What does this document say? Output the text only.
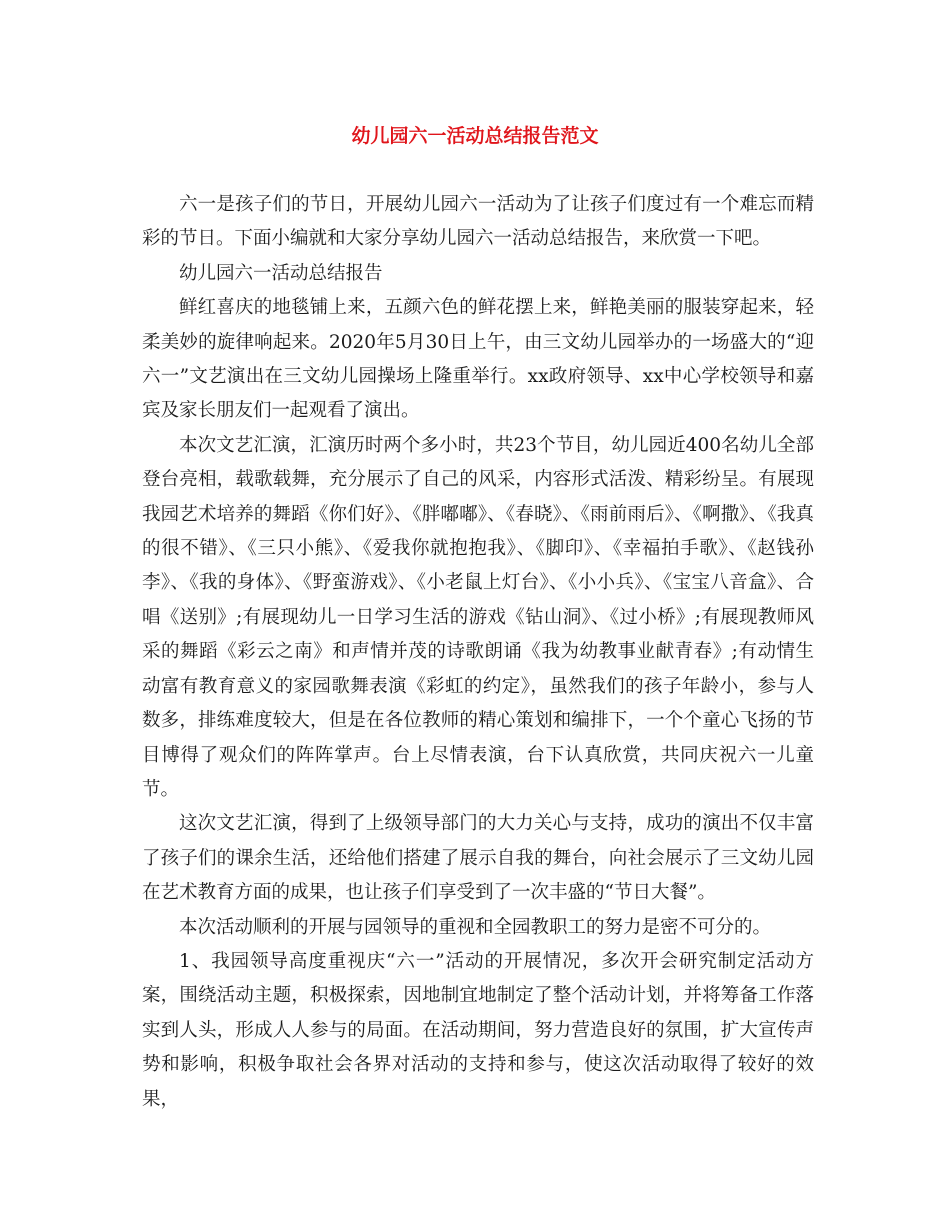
幼儿园六一活动总结报告范文

六一是孩子们的节日，开展幼儿园六一活动为了让孩子们度过有一个难忘而精彩的节日。下面小编就和大家分享幼儿园六一活动总结报告，来欣赏一下吧。

幼儿园六一活动总结报告

鲜红喜庆的地毯铺上来，五颜六色的鲜花摆上来，鲜艳美丽的服装穿起来，轻柔美妙的旋律响起来。2020年5月30日上午，由三文幼儿园举办的一场盛大的“迎六一”文艺演出在三文幼儿园操场上隆重举行。xx政府领导、xx中心学校领导和嘉宾及家长朋友们一起观看了演出。

本次文艺汇演，汇演历时两个多小时，共23个节目，幼儿园近400名幼儿全部登台亮相，载歌载舞，充分展示了自己的风采，内容形式活泼、精彩纷呈。有展现我园艺术培养的舞蹈《你们好》、《胖嘟嘟》、《春晓》、《雨前雨后》、《啊撒》、《我真的很不错》、《三只小熊》、《爱我你就抱抱我》、《脚印》、《幸福拍手歌》、《赵钱孙李》、《我的身体》、《野蛮游戏》、《小老鼠上灯台》、《小小兵》、《宝宝八音盒》、合唱《送别》;有展现幼儿一日学习生活的游戏《钻山洞》、《过小桥》;有展现教师风采的舞蹈《彩云之南》和声情并茂的诗歌朗诵《我为幼教事业献青春》;有动情生动富有教育意义的家园歌舞表演《彩虹的约定》，虽然我们的孩子年龄小，参与人数多，排练难度较大，但是在各位教师的精心策划和编排下，一个个童心飞扬的节目博得了观众们的阵阵掌声。台上尽情表演，台下认真欣赏，共同庆祝六一儿童节。

这次文艺汇演，得到了上级领导部门的大力关心与支持，成功的演出不仅丰富了孩子们的课余生活，还给他们搭建了展示自我的舞台，向社会展示了三文幼儿园在艺术教育方面的成果，也让孩子们享受到了一次丰盛的“节日大餐”。

本次活动顺利的开展与园领导的重视和全园教职工的努力是密不可分的。

1、我园领导高度重视庆“六一”活动的开展情况，多次开会研究制定活动方案，围绕活动主题，积极探索，因地制宜地制定了整个活动计划，并将筹备工作落实到人头，形成人人参与的局面。在活动期间，努力营造良好的氛围，扩大宣传声势和影响，积极争取社会各界对活动的支持和参与，使这次活动取得了较好的效果，
